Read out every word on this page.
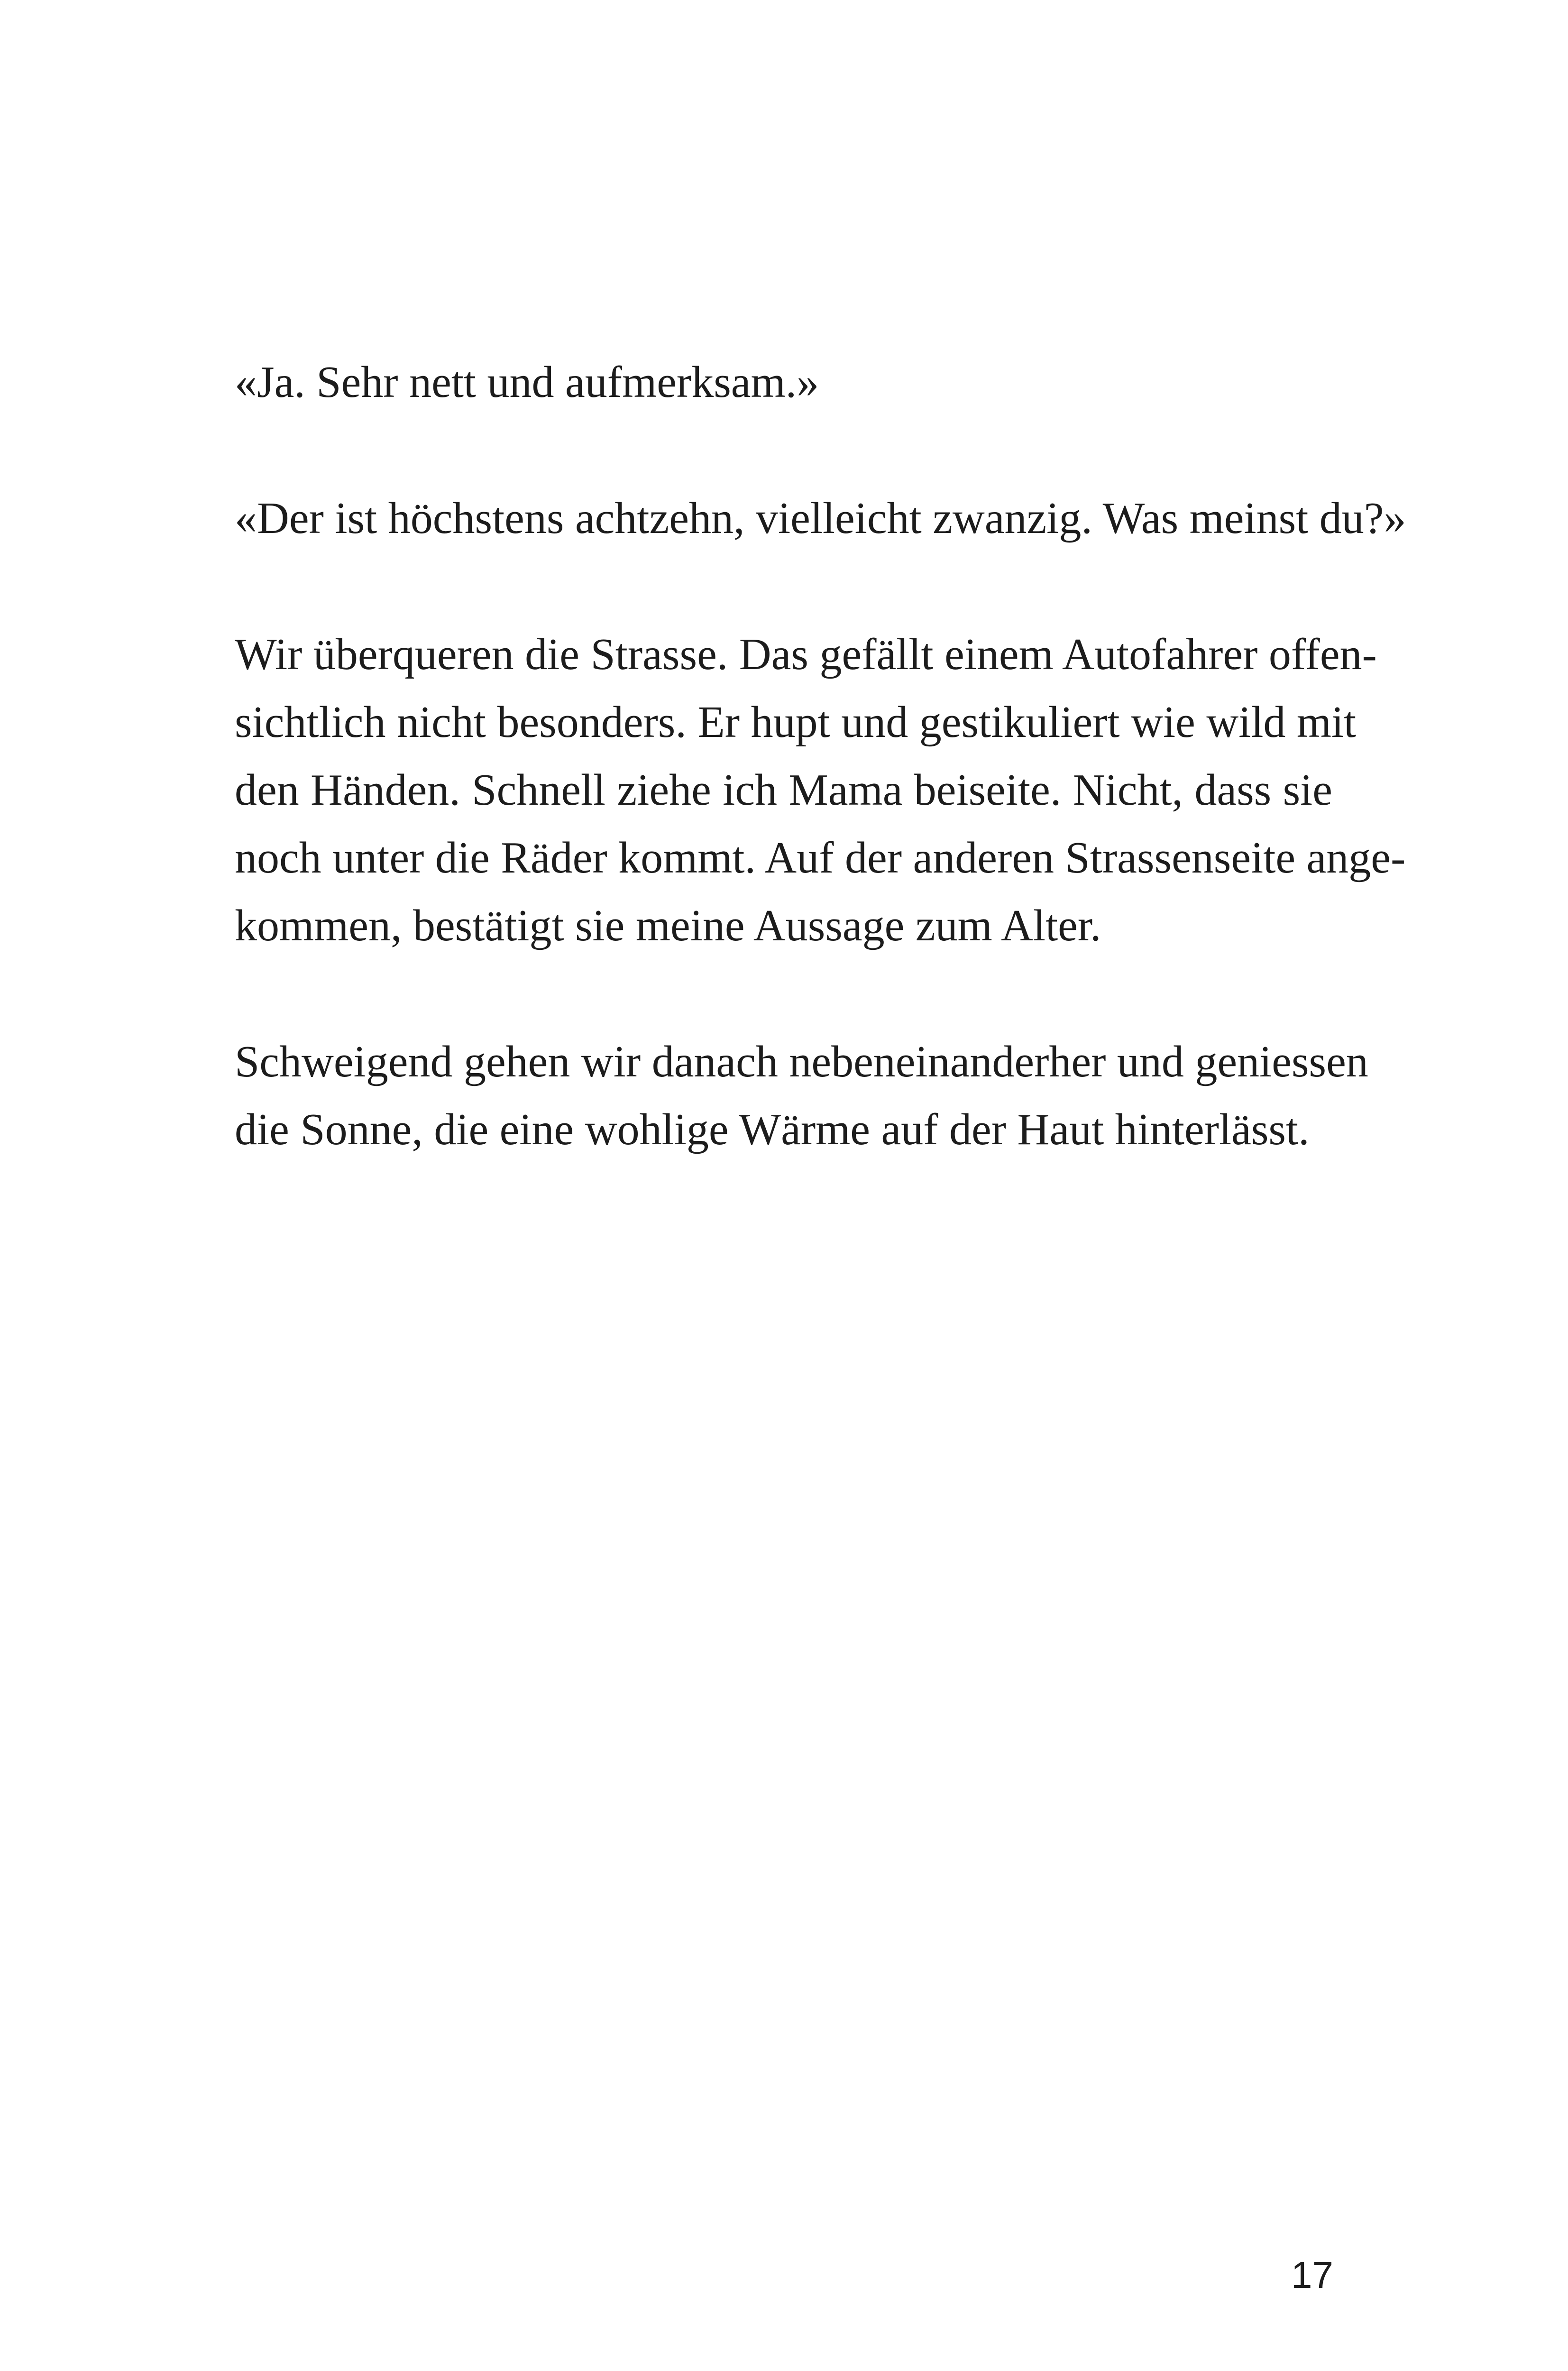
«Ja. Sehr nett und aufmerksam.»

«Der ist höchstens achtzehn, vielleicht zwanzig. Was meinst du?»

Wir überqueren die Strasse. Das gefällt einem Autofahrer offen-
sichtlich nicht besonders. Er hupt und gestikuliert wie wild mit
den Händen. Schnell ziehe ich Mama beiseite. Nicht, dass sie
noch unter die Räder kommt. Auf der anderen Strassenseite ange-
kommen, bestätigt sie meine Aussage zum Alter.

Schweigend gehen wir danach nebeneinanderher und geniessen
die Sonne, die eine wohlige Wärme auf der Haut hinterlässt.

17
